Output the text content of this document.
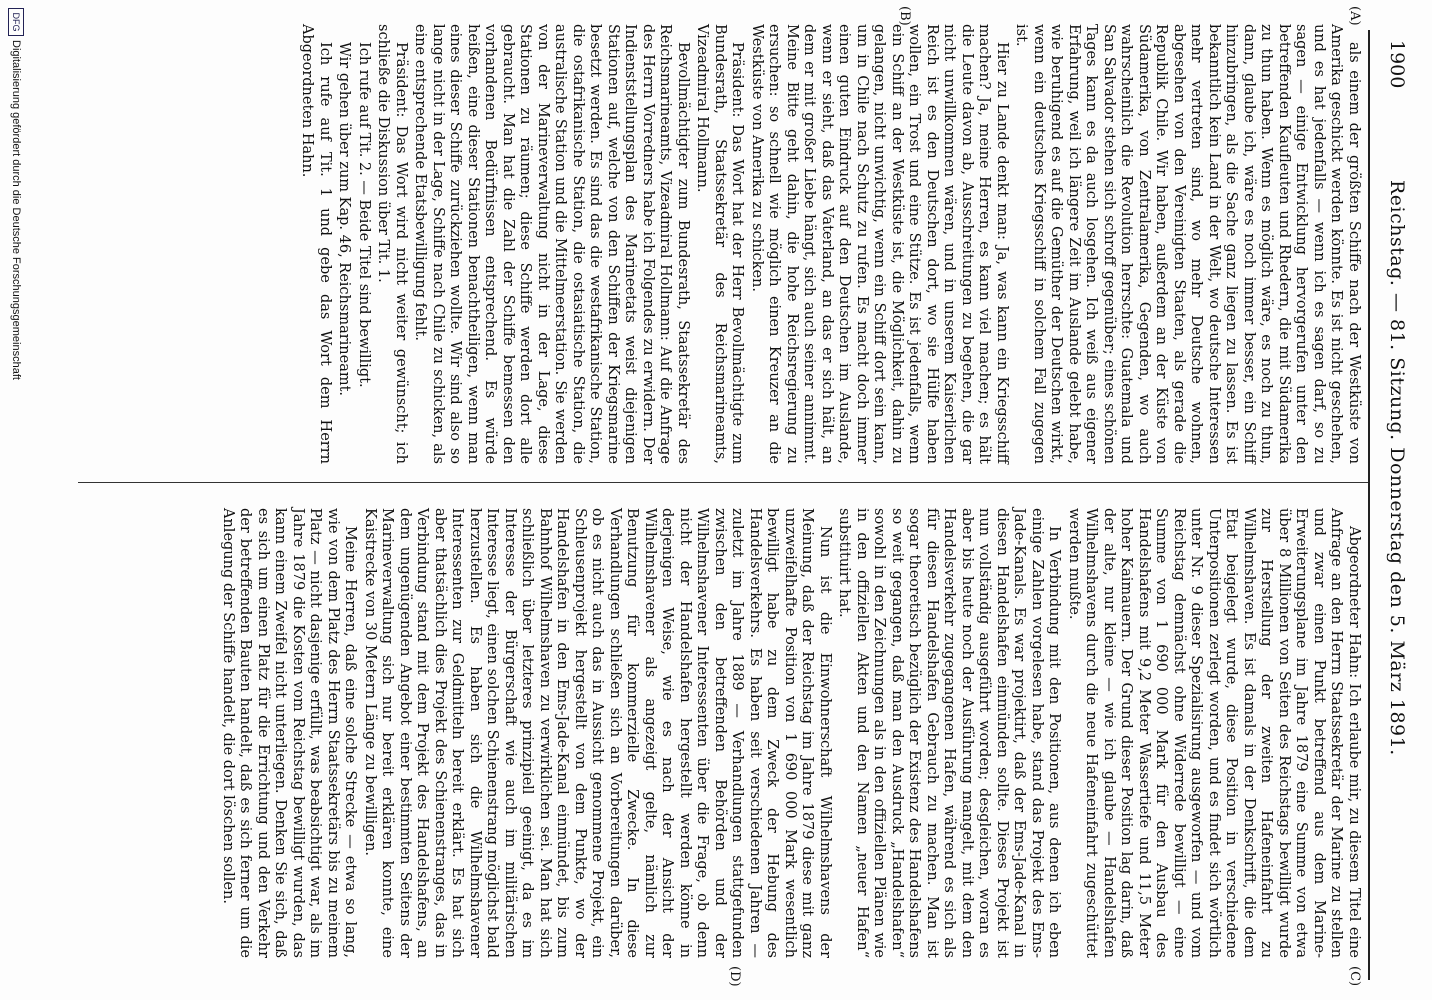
1900
Reichstag. — 81. Sitzung. Donnerstag den 5. März 1891.
(A)
(B)
(C)
(D)

als einem der größten Schiffe nach der Westküste von Amerika geschickt werden könnte. Es ist nicht geschehen, und es hat jedenfalls — wenn ich es sagen darf, so zu sagen — einige Entwicklung hervorgerufen unter den betreffenden Kaufleuten und Rhedern, die mit Südamerika zu thun haben. Wenn es möglich wäre, es noch zu thun, dann, glaube ich, wäre es noch immer besser, ein Schiff hinzubringen, als die Sache ganz liegen zu lassen. Es ist bekanntlich kein Land in der Welt, wo deutsche Interessen mehr vertreten sind, wo mehr Deutsche wohnen, abgesehen von den Vereinigten Staaten, als gerade die Republik Chile. Wir haben, außerdem an der Küste von Südamerika, von Zentralamerika, Gegenden, wo auch wahrscheinlich die Revolution herrschte: Guatemala und San Salvador stehen sich schroff gegenüber; eines schönen Tages kann es da auch losgehen. Ich weiß aus eigener Erfahrung, weil ich längere Zeit im Auslande gelebt habe, wie beruhigend es auf die Gemüther der Deutschen wirkt, wenn ein deutsches Kriegsschiff in solchem Fall zugegen ist.

Hier zu Lande denkt man: Ja, was kann ein Kriegsschiff machen? Ja, meine Herren, es kann viel machen; es hält die Leute davon ab, Ausschreitungen zu begehen, die gar nicht unwillkommen wären, und in unserem Kaiserlichen Reich ist es den Deutschen dort, wo sie Hülfe haben wollen, ein Trost und eine Stütze. Es ist jedenfalls, wenn ein Schiff an der Westküste ist, die Möglichkeit, dahin zu gelangen, nicht unwichtig, wenn ein Schiff dort sein kann, um in Chile nach Schutz zu rufen. Es macht doch immer einen guten Eindruck auf den Deutschen im Auslande, wenn er sieht, daß das Vaterland, an das er sich hält, an dem er mit großer Liebe hängt, sich auch seiner annimmt. Meine Bitte geht dahin, die hohe Reichsregierung zu ersuchen: so schnell wie möglich einen Kreuzer an die Westküste von Amerika zu schicken.

Präsident: Das Wort hat der Herr Bevollmächtigte zum Bundesrath, Staatssekretär des Reichsmarineamts, Vizeadmiral Hollmann.

Bevollmächtigter zum Bundesrath, Staatssekretär des Reichsmarineamts, Vizeadmiral Hollmann: Auf die Anfrage des Herrn Vorredners habe ich Folgendes zu erwidern. Der Indienststellungsplan des Marineetats weist diejenigen Stationen auf, welche von den Schiffen der Kriegsmarine besetzt werden. Es sind das die westafrikanische Station, die ostafrikanische Station, die ostasiatische Station, die australische Station und die Mittelmeerstation. Sie werden von der Marineverwaltung nicht in der Lage, diese Stationen zu räumen; diese Schiffe werden dort alle gebraucht. Man hat die Zahl der Schiffe bemessen den vorhandenen Bedürfnissen entsprechend. Es würde heißen, eine dieser Stationen benachtheiligen, wenn man eines dieser Schiffe zurückziehen wollte. Wir sind also so lange nicht in der Lage, Schiffe nach Chile zu schicken, als eine entsprechende Etatsbewilligung fehlt.

Präsident: Das Wort wird nicht weiter gewünscht; ich schließe die Diskussion über Tit. 1.

Ich rufe auf Tit. 2. — Beide Titel sind bewilligt.

Wir gehen über zum Kap. 46, Reichsmarineamt.

Ich rufe auf Tit. 1 und gebe das Wort dem Herrn Abgeordneten Hahn.

Abgeordneter Hahn: Ich erlaube mir, zu diesem Titel eine Anfrage an den Herrn Staatssekretär der Marine zu stellen und zwar einen Punkt betreffend aus dem Marine-Erweiterungsplane im Jahre 1879 eine Summe von etwa über 8 Millionen von Seiten des Reichstags bewilligt wurde zur Herstellung der zweiten Hafeneinfahrt zu Wilhelmshaven. Es ist damals in der Denkschrift, die dem Etat beigelegt wurde, diese Position in verschiedene Unterpositionen zerlegt worden, und es findet sich wörtlich unter Nr. 9 dieser Spezialisirung ausgeworfen — und vom Reichstag demnächst ohne Widerrede bewilligt — eine Summe von 1 690 000 Mark für den Ausbau des Handelshafens mit 9,2 Meter Wassertiefe und 11,5 Meter hoher Kaimauern. Der Grund dieser Position lag darin, daß der alte, nur kleine — wie ich glaube — Handelshafen Wilhelmshavens durch die neue Hafeneinfahrt zugeschüttet werden mußte.

In Verbindung mit den Positionen, aus denen ich eben einige Zahlen vorgelesen habe, stand das Projekt des Ems-Jade-Kanals. Es war projektirt, daß der Ems-Jade-Kanal in diesen Handelshafen einmünden sollte. Dieses Projekt ist nun vollständig ausgeführt worden; desgleichen, woran es aber bis heute noch der Ausführung mangelt, mit dem den Handelsverkehr zugegangenen Hafen, während es sich als für diesen Handelshafen Gebrauch zu machen. Man ist sogar theoretisch bezüglich der Existenz des Handelshafens so weit gegangen, daß man den Ausdruck „Handelshafen“ sowohl in den Zeichnungen als in den offiziellen Plänen wie in den offiziellen Akten und den Namen „neuer Hafen“ substituirt hat.

Nun ist die Einwohnerschaft Wilhelmshavens der Meinung, daß der Reichstag im Jahre 1879 diese mit ganz unzweifelhafte Position von 1 690 000 Mark wesentlich bewilligt habe zu dem Zweck der Hebung des Handelsverkehrs. Es haben seit verschiedenen Jahren — zuletzt im Jahre 1889 — Verhandlungen stattgefunden zwischen den betreffenden Behörden und der Wilhelmshavener Interessenten über die Frage, ob denn nicht der Handelshafen hergestellt werden könne in derjenigen Weise, wie es nach der Ansicht der Wilhelmshavener als angezeigt gelte, nämlich zur Benutzung für kommerzielle Zwecke. In diese Verhandlungen schließen sich an Vorbereitungen darüber, ob es nicht auch das in Aussicht genommene Projekt, ein Schleusenprojekt hergestellt von dem Punkte, wo der Handelshafen in den Ems-Jade-Kanal einmündet, bis zum Bahnhof Wilhelmshaven zu verwirklichen sei. Man hat sich schließlich über letzteres prinzipiell geeinigt, da es im Interesse der Bürgerschaft wie auch im militärischen Interesse liegt, einen solchen Schienenstrang möglichst bald herzustellen. Es haben sich die Wilhelmshavener Interessenten zur Geldmitteln bereit erklärt. Es hat sich aber thatsächlich dies Projekt des Schienenstranges, das in Verbindung stand mit dem Projekt des Handelshafens, an dem ungenügenden Angebot einer bestimmten Seitens der Marineverwaltung sich nur bereit erklären konnte, eine Kaistrecke von 30 Metern Länge zu bewilligen.

Meine Herren, daß eine solche Strecke — etwa so lang, wie von dem Platz des Herrn Staatssekretärs bis zu meinem Platz — nicht dasjenige erfüllt, was beabsichtigt war, als im Jahre 1879 die Kosten vom Reichstag bewilligt wurden, das kann einem Zweifel nicht unterliegen. Denken Sie sich, daß es sich um einen Platz für die Errichtung und den Verkehr der betreffenden Bauten handelt, daß es sich ferner um die Anlegung der Schiffe handelt, die dort löschen sollen.

DFG
Digitalisierung gefördert durch die Deutsche Forschungsgemeinschaft
